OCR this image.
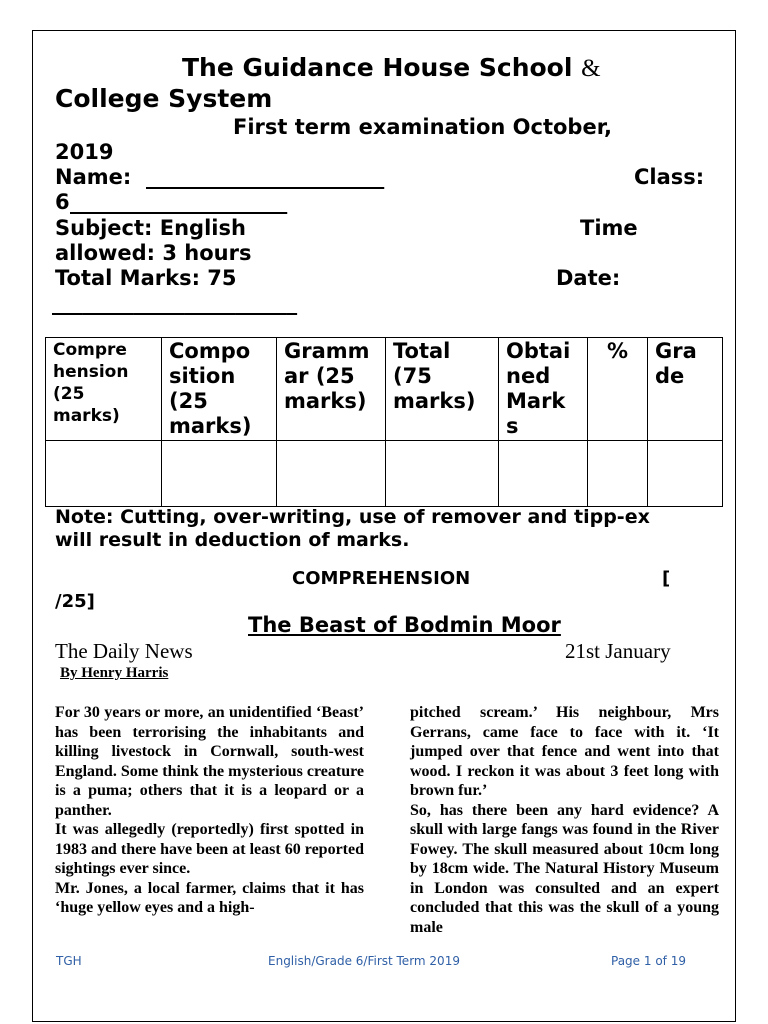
The Guidance House School &
College System
First term examination October,
2019
Name: ________________________	Class:
6 _______________________
Subject: English	Time
allowed: 3 hours
Total Marks: 75	Date:
________________________
Compre hension (25 marks)	Compo sition (25 marks)	Gramm ar (25 marks)	Total (75 marks)	Obtai ned Mark s	%	Gra de

Note: Cutting, over-writing, use of remover and tipp-ex
will result in deduction of marks.
COMPREHENSION	[
/25]
The Beast of Bodmin Moor
The Daily News	21st January
By Henry Harris

For 30 years or more, an unidentified ‘Beast’ has been terrorising the inhabitants and killing livestock in Cornwall, south-west England. Some think the mysterious creature is a puma; others that it is a leopard or a panther.

It was allegedly (reportedly) first spotted in 1983 and there have been at least 60 reported sightings ever since.

Mr. Jones, a local farmer, claims that it has ‘huge yellow eyes and a high-

pitched scream.’ His neighbour, Mrs Gerrans, came face to face with it. ‘It jumped over that fence and went into that wood. I reckon it was about 3 feet long with brown fur.’

So, has there been any hard evidence? A skull with large fangs was found in the River Fowey. The skull measured about 10cm long by 18cm wide. The Natural History Museum in London was consulted and an expert concluded that this was the skull of a young male

TGH	English/Grade 6/First Term 2019	Page 1 of 19
